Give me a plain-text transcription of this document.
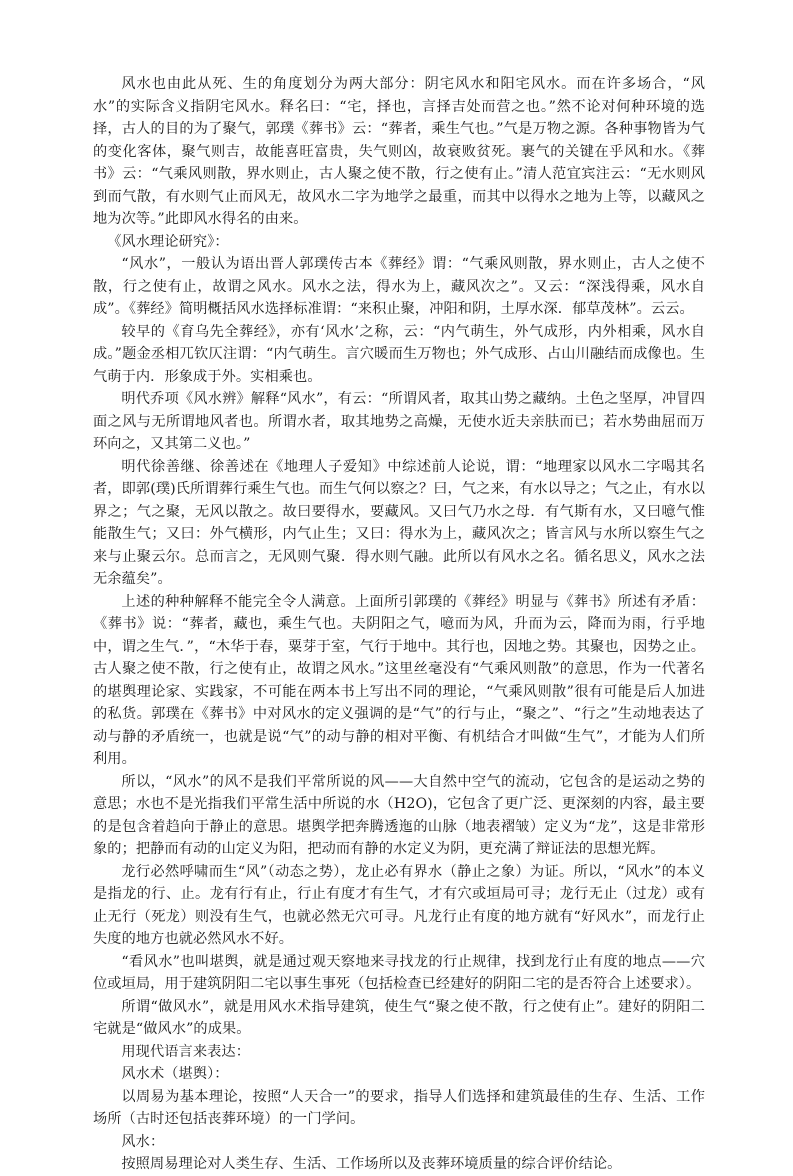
风水也由此从死、生的角度划分为两大部分：阴宅风水和阳宅风水。而在许多场合，“风水”的实际含义指阴宅风水。释名曰：“宅，择也，言择吉处而营之也。”然不论对何种环境的选择，古人的目的为了聚气，郭璞《葬书》云：“葬者，乘生气也。”气是万物之源。各种事物皆为气的变化客体，聚气则吉，故能喜旺富贵，失气则凶，故衰败贫死。裹气的关键在乎风和水。《葬书》云：“气乘风则散，界水则止，古人聚之使不散，行之使有止。”清人范宜宾注云：“无水则风到而气散，有水则气止而风无，故风水二字为地学之最重，而其中以得水之地为上等，以藏风之地为次等。”此即风水得名的由来。

《风水理论研究》：

“风水”，一般认为语出晋人郭璞传古本《葬经》谓：“气乘风则散，界水则止，古人之使不散，行之使有止，故谓之风水。风水之法，得水为上，藏风次之”。又云：“深浅得乘，风水自成”。《葬经》简明概括风水选择标准谓：“来积止聚，冲阳和阴，土厚水深．郁草茂林”。云云。

较早的《育乌先全葬经》，亦有‘风水’之称，云：“内气萌生，外气成形，内外相乘，风水自成。”题金丞相兀钦仄注谓：“内气萌生。言穴暖而生万物也；外气成形、占山川融结而成像也。生气萌于内．形象成于外。实相乘也。

明代乔项《风水辨》解释“风水”，有云：“所谓风者，取其山势之藏纳。土色之坚厚，冲冒四面之风与无所谓地风者也。所谓水者，取其地势之高燥，无使水近夫亲肤而已；若水势曲屈而万环向之，又其第二义也。”

明代徐善继、徐善述在《地理人子爱知》中综述前人论说，谓：“地理家以风水二字喝其名者，即郭(璞)氏所谓葬行乘生气也。而生气何以察之？曰，气之来，有水以导之；气之止，有水以界之；气之聚，无风以散之。故曰要得水，要藏风。又曰气乃水之母．有气斯有水，又曰噫气惟能散生气；又曰：外气横形，内气止生；又曰：得水为上，藏风次之；皆言风与水所以察生气之来与止聚云尔。总而言之，无风则气聚．得水则气融。此所以有风水之名。循名思义，风水之法无余蕴矣”。

上述的种种解释不能完全令人满意。上面所引郭璞的《葬经》明显与《葬书》所述有矛盾：《葬书》说：“葬者，藏也，乘生气也。夫阴阳之气，噫而为风，升而为云，降而为雨，行乎地中，谓之生气．”，“木华于春，粟芽于室，气行于地中。其行也，因地之势。其聚也，因势之止。古人聚之使不散，行之使有止，故谓之风水。”这里丝毫没有“气乘风则散”的意思，作为一代著名的堪舆理论家、实践家，不可能在两本书上写出不同的理论，“气乘风则散”很有可能是后人加进的私货。郭璞在《葬书》中对风水的定义强调的是“气”的行与止，“聚之”、“行之”生动地表达了动与静的矛盾统一，也就是说“气”的动与静的相对平衡、有机结合才叫做“生气”，才能为人们所利用。

所以，“风水”的风不是我们平常所说的风——大自然中空气的流动，它包含的是运动之势的意思；水也不是光指我们平常生活中所说的水（H2O)，它包含了更广泛、更深刻的内容，最主要的是包含着趋向于静止的意思。堪舆学把奔腾透迤的山脉（地表褶皱）定义为“龙”，这是非常形象的；把静而有动的山定义为阳，把动而有静的水定义为阴，更充满了辩证法的思想光辉。

龙行必然呼啸而生“风”（动态之势），龙止必有界水（静止之象）为证。所以，“风水”的本义是指龙的行、止。龙有行有止，行止有度才有生气，才有穴或垣局可寻；龙行无止（过龙）或有止无行（死龙）则没有生气，也就必然无穴可寻。凡龙行止有度的地方就有“好风水”，而龙行止失度的地方也就必然风水不好。

“看风水”也叫堪舆，就是通过观天察地来寻找龙的行止规律，找到龙行止有度的地点——穴位或垣局，用于建筑阴阳二宅以事生事死（包括检查已经建好的阴阳二宅的是否符合上述要求）。

所谓“做风水”，就是用风水术指导建筑，使生气“聚之使不散，行之使有止”。建好的阴阳二宅就是“做风水”的成果。

用现代语言来表达：

风水术（堪舆）：

以周易为基本理论，按照“人天合一”的要求，指导人们选择和建筑最佳的生存、生活、工作场所（古时还包括丧葬环境）的一门学问。

风水：

按照周易理论对人类生存、生活、工作场所以及丧葬环境质量的综合评价结论。
